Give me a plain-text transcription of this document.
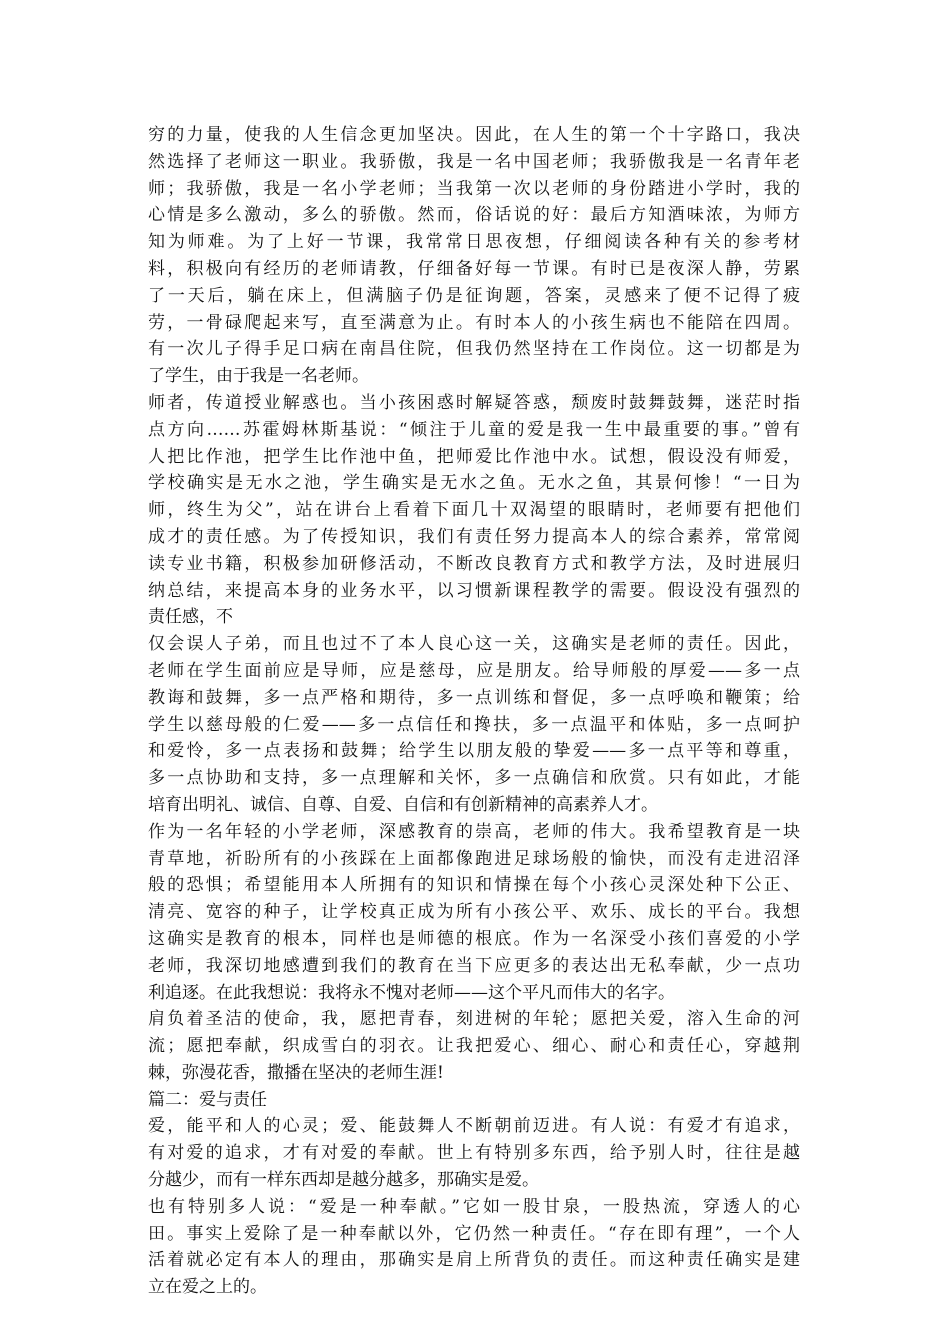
穷的力量，使我的人生信念更加坚决。因此，在人生的第一个十字路口，我决
然选择了老师这一职业。我骄傲，我是一名中国老师；我骄傲我是一名青年老
师；我骄傲，我是一名小学老师；当我第一次以老师的身份踏进小学时，我的
心情是多么激动，多么的骄傲。然而，俗话说的好：最后方知酒味浓，为师方
知为师难。为了上好一节课，我常常日思夜想，仔细阅读各种有关的参考材
料，积极向有经历的老师请教，仔细备好每一节课。有时已是夜深人静，劳累
了一天后，躺在床上，但满脑子仍是征询题，答案，灵感来了便不记得了疲
劳，一骨碌爬起来写，直至满意为止。有时本人的小孩生病也不能陪在四周。
有一次儿子得手足口病在南昌住院，但我仍然坚持在工作岗位。这一切都是为
了学生，由于我是一名老师。
师者，传道授业解惑也。当小孩困惑时解疑答惑，颓废时鼓舞鼓舞，迷茫时指
点方向……苏霍姆林斯基说：“倾注于儿童的爱是我一生中最重要的事。”曾有
人把比作池，把学生比作池中鱼，把师爱比作池中水。试想，假设没有师爱，
学校确实是无水之池，学生确实是无水之鱼。无水之鱼，其景何惨！“一日为
师，终生为父”，站在讲台上看着下面几十双渴望的眼睛时，老师要有把他们
成才的责任感。为了传授知识，我们有责任努力提高本人的综合素养，常常阅
读专业书籍，积极参加研修活动，不断改良教育方式和教学方法，及时进展归
纳总结，来提高本身的业务水平，以习惯新课程教学的需要。假设没有强烈的
责任感，不
仅会误人子弟，而且也过不了本人良心这一关，这确实是老师的责任。因此，
老师在学生面前应是导师，应是慈母，应是朋友。给导师般的厚爱——多一点
教诲和鼓舞，多一点严格和期待，多一点训练和督促，多一点呼唤和鞭策；给
学生以慈母般的仁爱——多一点信任和搀扶，多一点温平和体贴，多一点呵护
和爱怜，多一点表扬和鼓舞；给学生以朋友般的挚爱——多一点平等和尊重，
多一点协助和支持，多一点理解和关怀，多一点确信和欣赏。只有如此，才能
培育出明礼、诚信、自尊、自爱、自信和有创新精神的高素养人才。
作为一名年轻的小学老师，深感教育的崇高，老师的伟大。我希望教育是一块
青草地，祈盼所有的小孩踩在上面都像跑进足球场般的愉快，而没有走进沼泽
般的恐惧；希望能用本人所拥有的知识和情操在每个小孩心灵深处种下公正、
清亮、宽容的种子，让学校真正成为所有小孩公平、欢乐、成长的平台。我想
这确实是教育的根本，同样也是师德的根底。作为一名深受小孩们喜爱的小学
老师，我深切地感遭到我们的教育在当下应更多的表达出无私奉献，少一点功
利追逐。在此我想说：我将永不愧对老师——这个平凡而伟大的名字。
肩负着圣洁的使命，我，愿把青春，刻进树的年轮；愿把关爱，溶入生命的河
流；愿把奉献，织成雪白的羽衣。让我把爱心、细心、耐心和责任心，穿越荆
棘，弥漫花香，撒播在坚决的老师生涯!
篇二：爱与责任
爱，能平和人的心灵；爱、能鼓舞人不断朝前迈进。有人说：有爱才有追求，
有对爱的追求，才有对爱的奉献。世上有特别多东西，给予别人时，往往是越
分越少，而有一样东西却是越分越多，那确实是爱。
也有特别多人说：“爱是一种奉献。”它如一股甘泉，一股热流，穿透人的心
田。事实上爱除了是一种奉献以外，它仍然一种责任。“存在即有理”，一个人
活着就必定有本人的理由，那确实是肩上所背负的责任。而这种责任确实是建
立在爱之上的。
